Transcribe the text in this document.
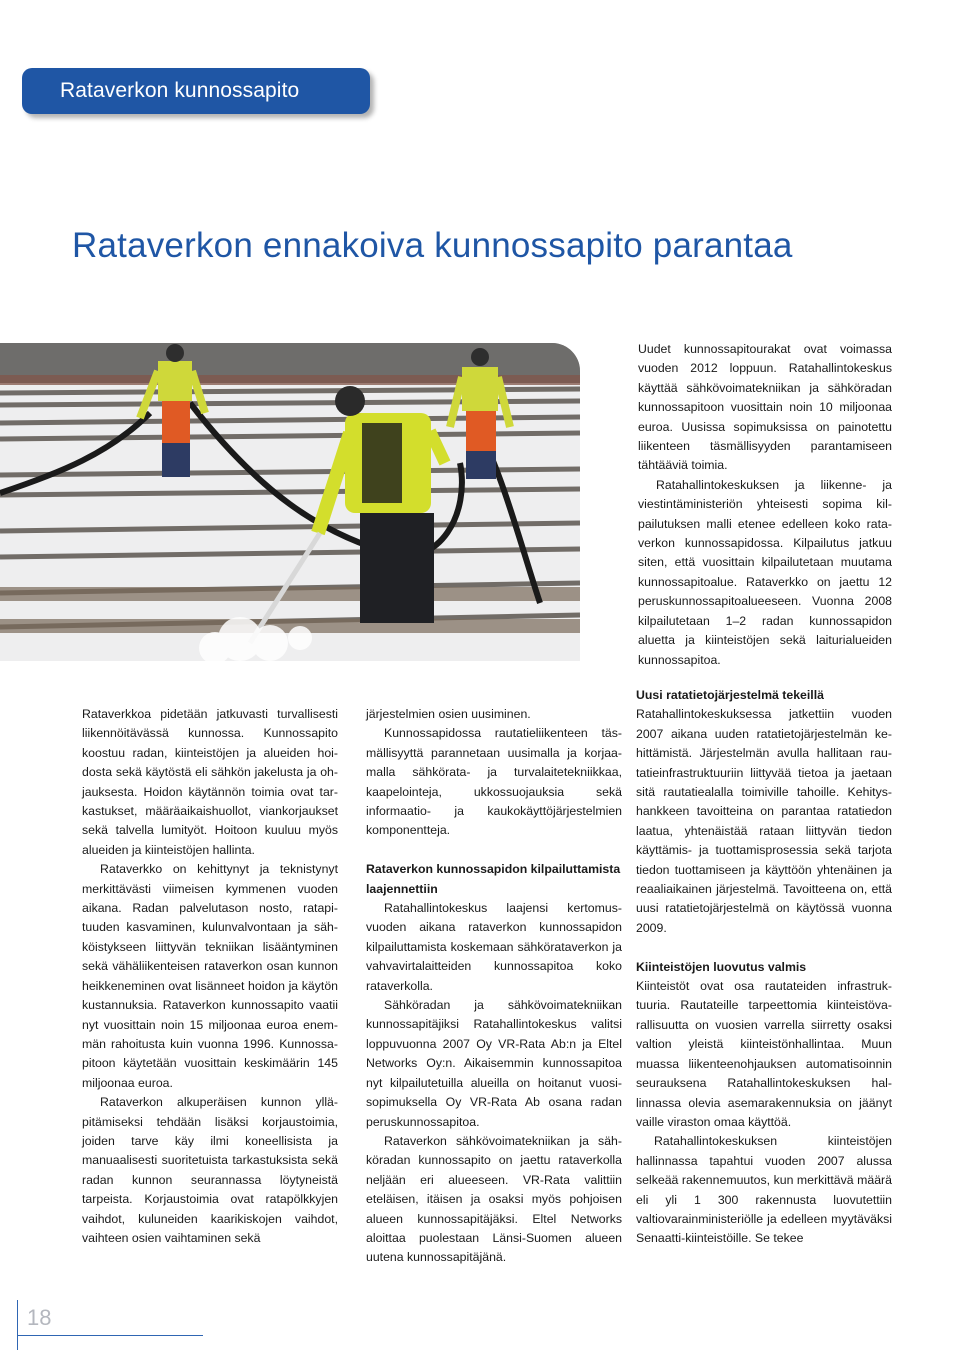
Rataverkon kunnossapito
Rataverkon ennakoiva kunnossapito parantaa

Uudet kunnossapitourakat ovat voimassa vuoden 2012 loppuun. Ratahallintokeskus käyttää sähkövoimatekniikan ja sähköradan kunnossapitoon vuosittain noin 10 miljoonaa euroa. Uusissa sopimuksissa on painotettu liikenteen täsmällisyyden parantamiseen tähtääviä toimia.

Ratahallintokeskuksen ja liikenne- ja viestintäministeriön yhteisesti sopima kilpailutuksen malli etenee edelleen koko rataverkon kunnossapidossa. Kilpailutus jatkuu siten, että vuosittain kilpailutetaan muutama kunnossapitoalue. Rataverkko on jaettu 12 peruskunnossapitoalueeseen. Vuonna 2008 kilpailutetaan 1–2 radan kunnossapidon aluetta ja kiinteistöjen sekä laiturialueiden kunnossapitoa.

Rataverkkoa pidetään jatkuvasti turvallisesti liikennöitävässä kunnossa. Kunnossapito koostuu radan, kiinteistöjen ja alueiden hoidosta sekä käytöstä eli sähkön jakelusta ja ohjauksesta. Hoidon käytännön toimia ovat tarkastukset, määräaikaishuollot, viankorjaukset sekä talvella lumityöt. Hoitoon kuuluu myös alueiden ja kiinteistöjen hallinta.

Rataverkko on kehittynyt ja teknistynyt merkittävästi viimeisen kymmenen vuoden aikana. Radan palvelutason nosto, ratapituuden kasvaminen, kulunvalvontaan ja sähköistykseen liittyvän tekniikan lisääntyminen sekä vähäliikenteisen rataverkon osan kunnon heikkeneminen ovat lisänneet hoidon ja käytön kustannuksia. Rataverkon kunnossapito vaatii nyt vuosittain noin 15 miljoonaa euroa enemmän rahoitusta kuin vuonna 1996. Kunnossapitoon käytetään vuosittain keskimäärin 145 miljoonaa euroa.

Rataverkon alkuperäisen kunnon ylläpitämiseksi tehdään lisäksi korjaustoimia, joiden tarve käy ilmi koneellisista ja manuaalisesti suoritetuista tarkastuksista sekä radan kunnon seurannassa löytyneistä tarpeista. Korjaustoimia ovat ratapölkkyjen vaihdot, kuluneiden kaarikiskojen vaihdot, vaihteen osien vaihtaminen sekä

järjestelmien osien uusiminen.

Kunnossapidossa rautatieliikenteen täsmällisyyttä parannetaan uusimalla ja korjaamalla sähkörata- ja turvalaitetekniikkaa, kaapelointeja, ukkossuojauksia sekä informaatio- ja kaukokäyttöjärjestelmien komponentteja.

Rataverkon kunnossapidon kilpailuttamista laajennettiin

Ratahallintokeskus laajensi kertomusvuoden aikana rataverkon kunnossapidon kilpailuttamista koskemaan sähkörataverkon ja vahvavirtalaitteiden kunnossapitoa koko rataverkolla.

Sähköradan ja sähkövoimatekniikan kunnossapitäjiksi Ratahallintokeskus valitsi loppuvuonna 2007 Oy VR-Rata Ab:n ja Eltel Networks Oy:n. Aikaisemmin kunnossapitoa nyt kilpailutetuilla alueilla on hoitanut vuosisopimuksella Oy VR-Rata Ab osana radan peruskunnossapitoa.

Rataverkon sähkövoimatekniikan ja sähköradan kunnossapito on jaettu rataverkolla neljään eri alueeseen. VR-Rata valittiin eteläisen, itäisen ja osaksi myös pohjoisen alueen kunnossapitäjäksi. Eltel Networks aloittaa puolestaan Länsi-Suomen alueen uutena kunnossapitäjänä.

Uusi ratatietojärjestelmä tekeillä

Ratahallintokeskuksessa jatkettiin vuoden 2007 aikana uuden ratatietojärjestelmän kehittämistä. Järjestelmän avulla hallitaan rautatieinfrastruktuuriin liittyvää tietoa ja jaetaan sitä rautatiealalla toimiville tahoille. Kehityshankkeen tavoitteina on parantaa ratatiedon laatua, yhtenäistää rataan liittyvän tiedon käyttämis- ja tuottamisprosessia sekä tarjota tiedon tuottamiseen ja käyttöön yhtenäinen ja reaaliaikainen järjestelmä. Tavoitteena on, että uusi ratatietojärjestelmä on käytössä vuonna 2009.

Kiinteistöjen luovutus valmis

Kiinteistöt ovat osa rautateiden infrastruktuuria. Rautateille tarpeettomia kiinteistövarallisuutta on vuosien varrella siirretty osaksi valtion yleistä kiinteistönhallintaa. Muun muassa liikenteenohjauksen automatisoinnin seurauksena Ratahallintokeskuksen hallinnassa olevia asemarakennuksia on jäänyt vaille viraston omaa käyttöä.

Ratahallintokeskuksen kiinteistöjen hallinnassa tapahtui vuoden 2007 alussa selkeää rakennemuutos, kun merkittävä määrä eli yli 1 300 rakennusta luovutettiin valtiovarainministeriölle ja edelleen myytäväksi Senaatti-kiinteistöille. Se tekee

18
